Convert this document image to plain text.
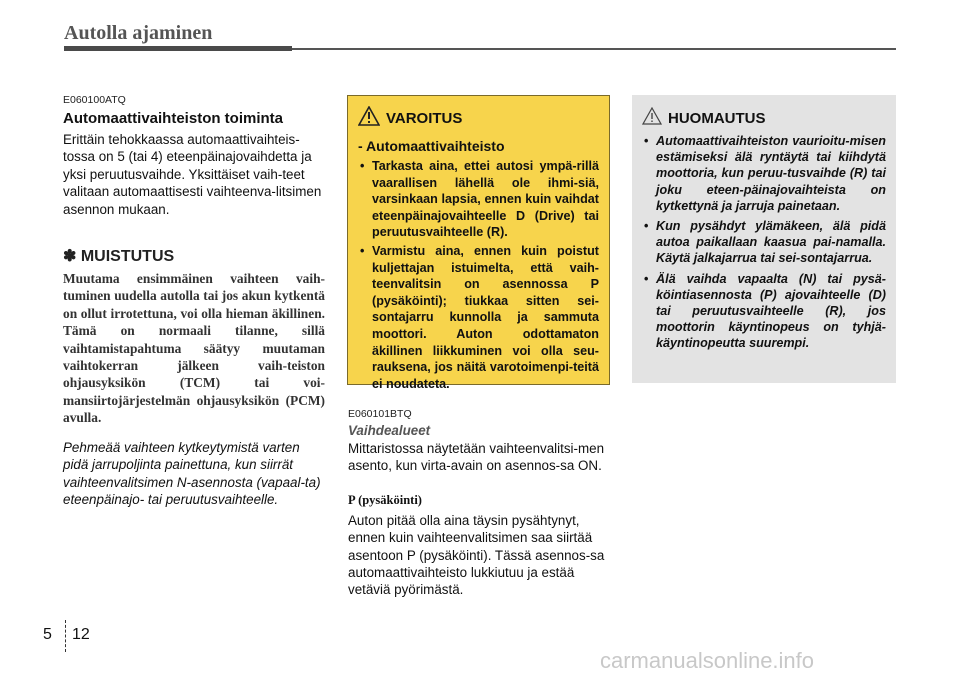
Autolla ajaminen

E060100ATQ

Automaattivaihteiston toiminta

Erittäin tehokkaassa automaattivaihteis-tossa on 5 (tai 4) eteenpäinajovaihdetta ja yksi peruutusvaihde. Yksittäiset vaih-teet valitaan automaattisesti vaihteenva-litsimen asennon mukaan.

✽ MUISTUTUS

Muutama ensimmäinen vaihteen vaih-tuminen uudella autolla tai jos akun kytkentä on ollut irrotettuna, voi olla hieman äkillinen. Tämä on normaali tilanne, sillä vaihtamistapahtuma säätyy muutaman vaihtokerran jälkeen vaih-teiston ohjausyksikön (TCM) tai voi-mansiirtojärjestelmän ohjausyksikön (PCM) avulla.

Pehmeää vaihteen kytkeytymistä varten pidä jarrupoljinta painettuna, kun siirrät vaihteenvalitsimen N-asennosta (vapaal-ta) eteenpäinajo- tai peruutusvaihteelle.

VAROITUS
- Automaattivaihteisto
• Tarkasta aina, ettei autosi ympä-rillä vaarallisen lähellä ole ihmi-siä, varsinkaan lapsia, ennen kuin vaihdat eteenpäinajovaihteelle D (Drive) tai peruutusvaihteelle (R).
• Varmistu aina, ennen kuin poistut kuljettajan istuimelta, että vaih-teenvalitsin on asennossa P (pysäköinti); tiukkaa sitten sei-sontajarru kunnolla ja sammuta moottori. Auton odottamaton äkillinen liikkuminen voi olla seu-rauksena, jos näitä varotoimenpi-teitä ei noudateta.
HUOMAUTUS
• Automaattivaihteiston vaurioitu-misen estämiseksi älä ryntäytä tai kiihdytä moottoria, kun peruu-tusvaihde (R) tai joku eteen-päinajovaihteista on kytkettynä ja jarruja painetaan.
• Kun pysähdyt ylämäkeen, älä pidä autoa paikallaan kaasua pai-namalla. Käytä jalkajarrua tai sei-sontajarrua.
• Älä vaihda vapaalta (N) tai pysä-köintiasennosta (P) ajovaihteelle (D) tai peruutusvaihteelle (R), jos moottorin käyntinopeus on tyhjä-käyntinopeutta suurempi.

E060101BTQ

Vaihdealueet

Mittaristossa näytetään vaihteenvalitsi-men asento, kun virta-avain on asennos-sa ON.

P (pysäköinti)

Auton pitää olla aina täysin pysähtynyt, ennen kuin vaihteenvalitsimen saa siirtää asentoon P (pysäköinti). Tässä asennos-sa automaattivaihteisto lukkiutuu ja estää vetäviä pyörimästä.

5 12
carmanualsonline.info
